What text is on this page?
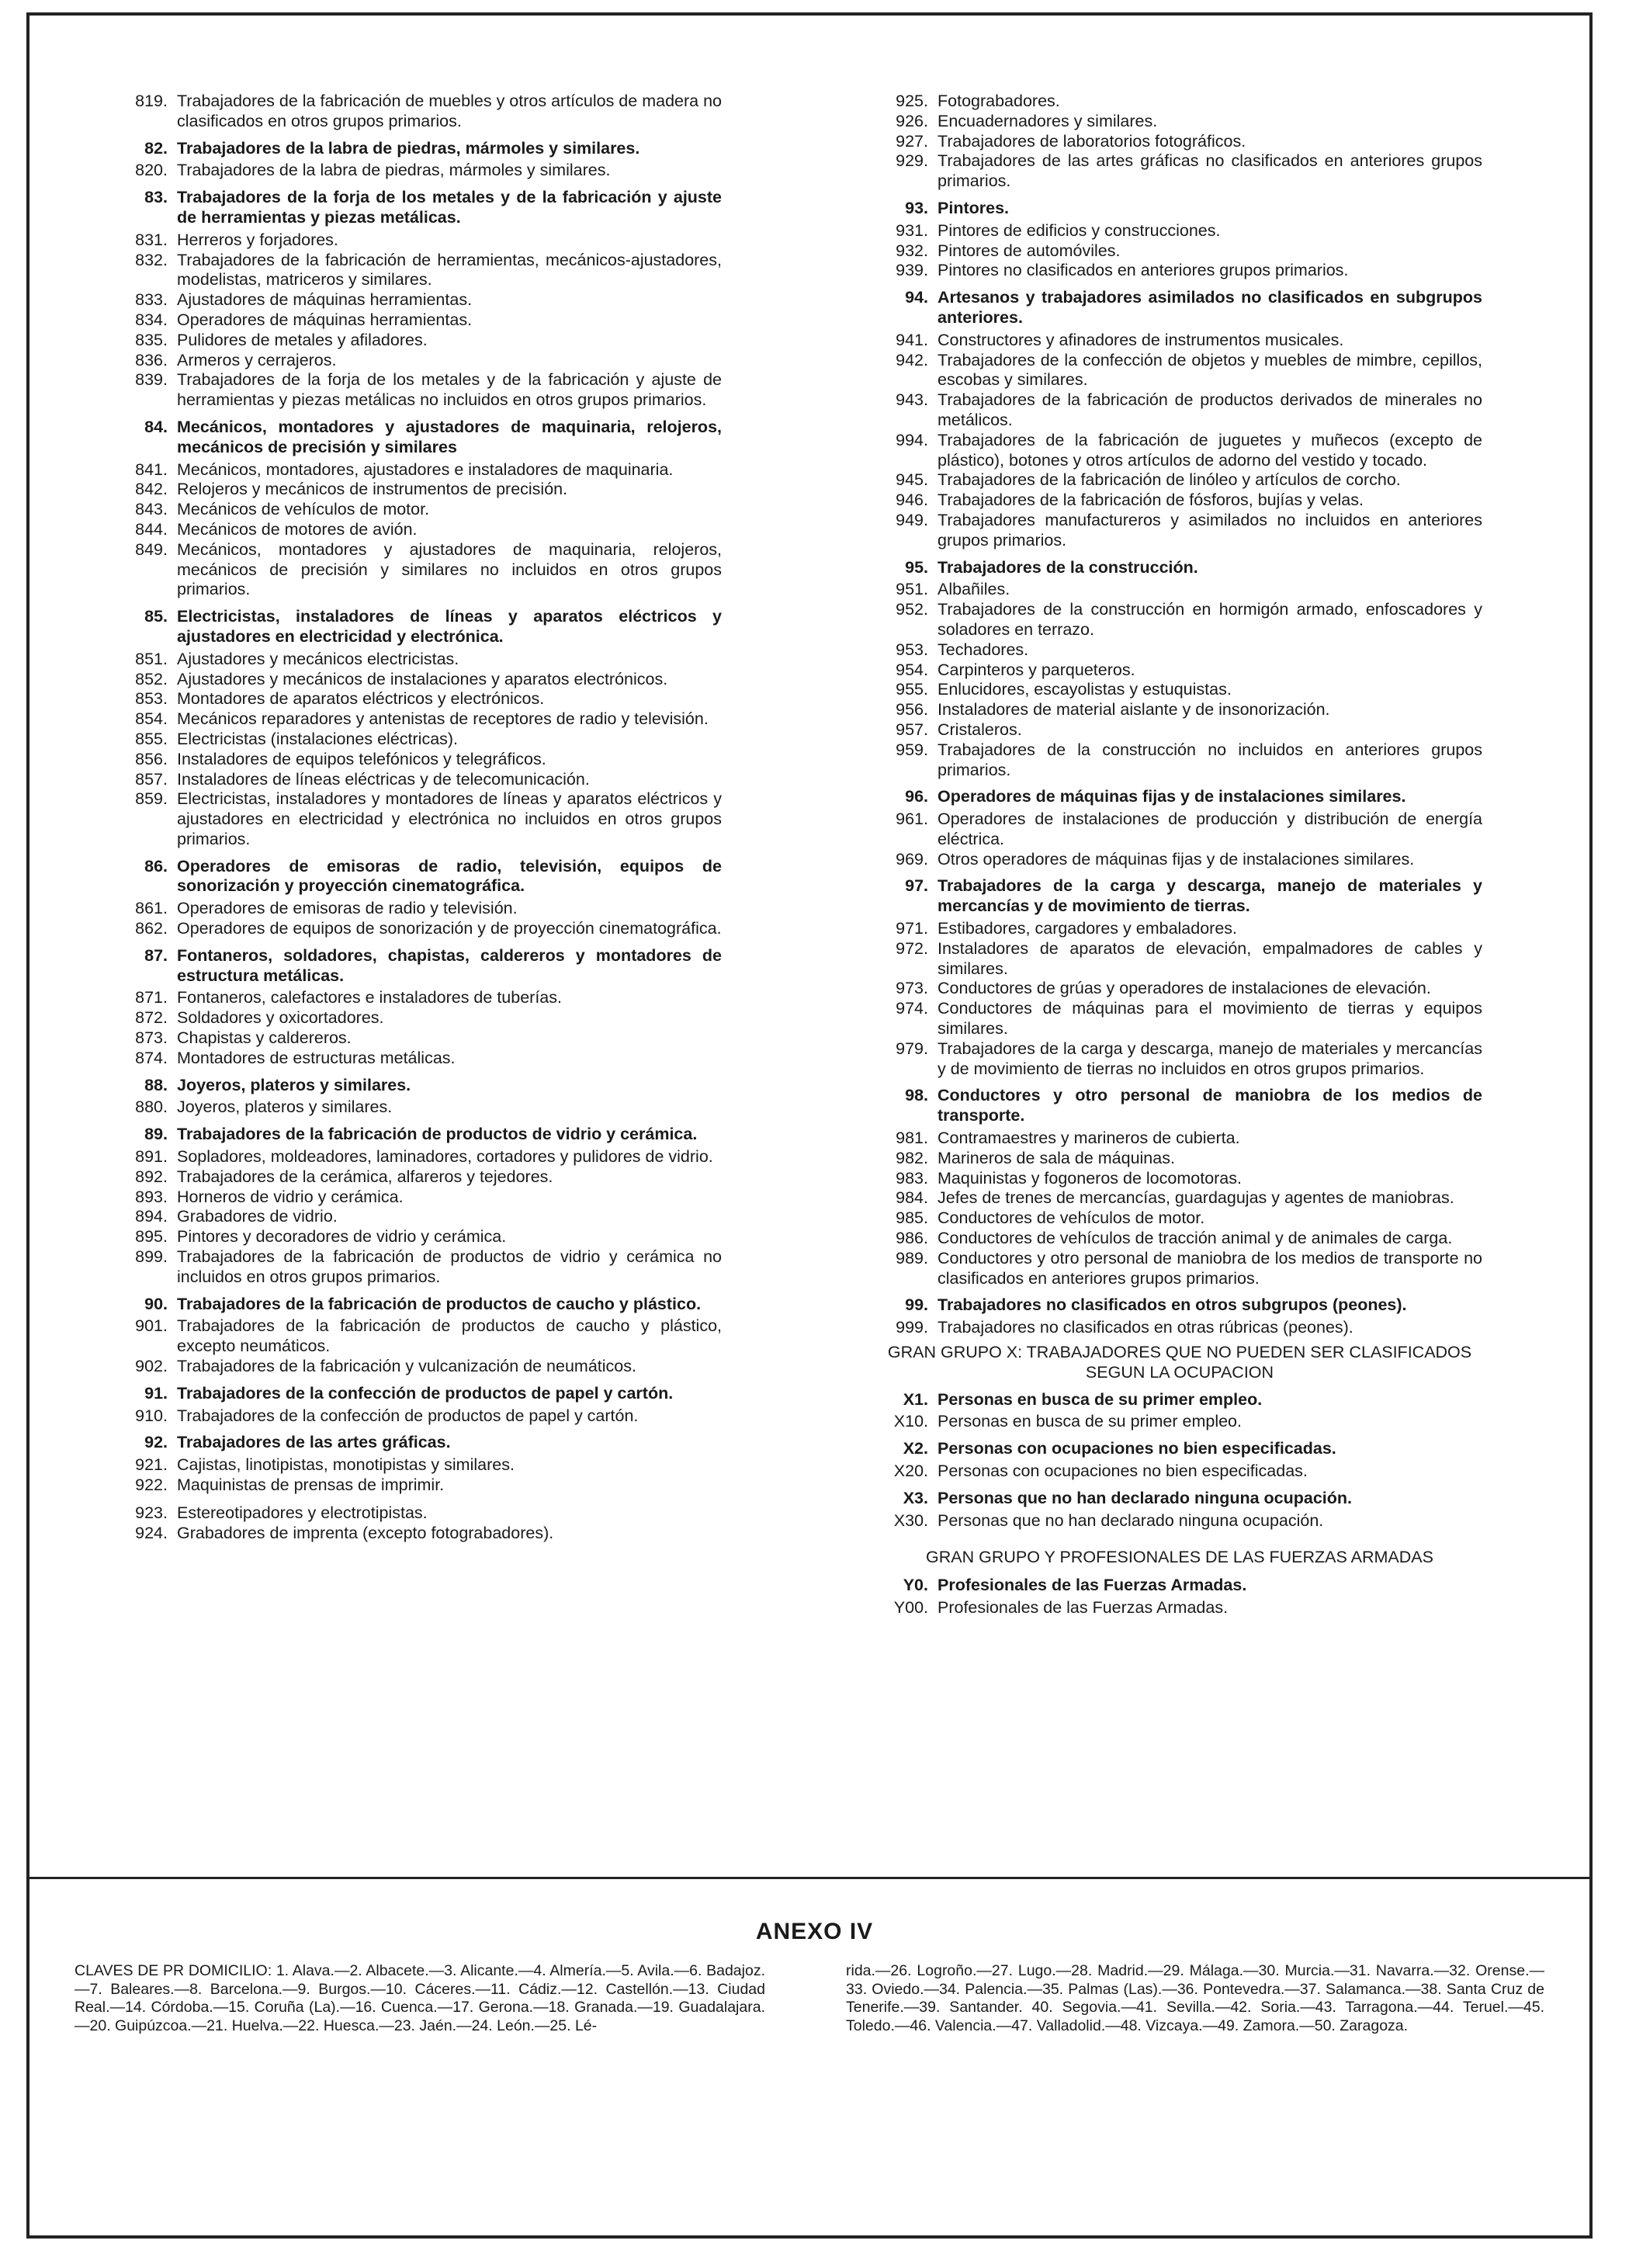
819. Trabajadores de la fabricación de muebles y otros artículos de madera no clasificados en otros grupos primarios.
82. Trabajadores de la labra de piedras, mármoles y similares.
820. Trabajadores de la labra de piedras, mármoles y similares.
83. Trabajadores de la forja de los metales y de la fabricación y ajuste de herramientas y piezas metálicas.
831. Herreros y forjadores.
832. Trabajadores de la fabricación de herramientas, mecánicos-ajustadores, modelistas, matriceros y similares.
833. Ajustadores de máquinas herramientas.
834. Operadores de máquinas herramientas.
835. Pulidores de metales y afiladores.
836. Armeros y cerrajeros.
839. Trabajadores de la forja de los metales y de la fabricación y ajuste de herramientas y piezas metálicas no incluidos en otros grupos primarios.
84. Mecánicos, montadores y ajustadores de maquinaria, relojeros, mecánicos de precisión y similares
841. Mecánicos, montadores, ajustadores e instaladores de maquinaria.
842. Relojeros y mecánicos de instrumentos de precisión.
843. Mecánicos de vehículos de motor.
844. Mecánicos de motores de avión.
849. Mecánicos, montadores y ajustadores de maquinaria, relojeros, mecánicos de precisión y similares no incluidos en otros grupos primarios.
85. Electricistas, instaladores de líneas y aparatos eléctricos y ajustadores en electricidad y electrónica.
851. Ajustadores y mecánicos electricistas.
852. Ajustadores y mecánicos de instalaciones y aparatos electrónicos.
853. Montadores de aparatos eléctricos y electrónicos.
854. Mecánicos reparadores y antenistas de receptores de radio y televisión.
855. Electricistas (instalaciones eléctricas).
856. Instaladores de equipos telefónicos y telegráficos.
857. Instaladores de líneas eléctricas y de telecomunicación.
859. Electricistas, instaladores y montadores de líneas y aparatos eléctricos y ajustadores en electricidad y electrónica no incluidos en otros grupos primarios.
86. Operadores de emisoras de radio, televisión, equipos de sonorización y proyección cinematográfica.
861. Operadores de emisoras de radio y televisión.
862. Operadores de equipos de sonorización y de proyección cinematográfica.
87. Fontaneros, soldadores, chapistas, caldereros y montadores de estructura metálicas.
871. Fontaneros, calefactores e instaladores de tuberías.
872. Soldadores y oxicortadores.
873. Chapistas y caldereros.
874. Montadores de estructuras metálicas.
88. Joyeros, plateros y similares.
880. Joyeros, plateros y similares.
89. Trabajadores de la fabricación de productos de vidrio y cerámica.
891. Sopladores, moldeadores, laminadores, cortadores y pulidores de vidrio.
892. Trabajadores de la cerámica, alfareros y tejedores.
893. Horneros de vidrio y cerámica.
894. Grabadores de vidrio.
895. Pintores y decoradores de vidrio y cerámica.
899. Trabajadores de la fabricación de productos de vidrio y cerámica no incluidos en otros grupos primarios.
90. Trabajadores de la fabricación de productos de caucho y plástico.
901. Trabajadores de la fabricación de productos de caucho y plástico, excepto neumáticos.
902. Trabajadores de la fabricación y vulcanización de neumáticos.
91. Trabajadores de la confección de productos de papel y cartón.
910. Trabajadores de la confección de productos de papel y cartón.
92. Trabajadores de las artes gráficas.
921. Cajistas, linotipistas, monotipistas y similares.
922. Maquinistas de prensas de imprimir.
923. Estereotipadores y electrotipistas.
924. Grabadores de imprenta (excepto fotograbadores).
925. Fotograbadores.
926. Encuadernadores y similares.
927. Trabajadores de laboratorios fotográficos.
929. Trabajadores de las artes gráficas no clasificados en anteriores grupos primarios.
93. Pintores.
931. Pintores de edificios y construcciones.
932. Pintores de automóviles.
939. Pintores no clasificados en anteriores grupos primarios.
94. Artesanos y trabajadores asimilados no clasificados en subgrupos anteriores.
941. Constructores y afinadores de instrumentos musicales.
942. Trabajadores de la confección de objetos y muebles de mimbre, cepillos, escobas y similares.
943. Trabajadores de la fabricación de productos derivados de minerales no metálicos.
994. Trabajadores de la fabricación de juguetes y muñecos (excepto de plástico), botones y otros artículos de adorno del vestido y tocado.
945. Trabajadores de la fabricación de linóleo y artículos de corcho.
946. Trabajadores de la fabricación de fósforos, bujías y velas.
949. Trabajadores manufactureros y asimilados no incluidos en anteriores grupos primarios.
95. Trabajadores de la construcción.
951. Albañiles.
952. Trabajadores de la construcción en hormigón armado, enfoscadores y soladores en terrazo.
953. Techadores.
954. Carpinteros y parqueteros.
955. Enlucidores, escayolistas y estuquistas.
956. Instaladores de material aislante y de insonorización.
957. Cristaleros.
959. Trabajadores de la construcción no incluidos en anteriores grupos primarios.
96. Operadores de máquinas fijas y de instalaciones similares.
961. Operadores de instalaciones de producción y distribución de energía eléctrica.
969. Otros operadores de máquinas fijas y de instalaciones similares.
97. Trabajadores de la carga y descarga, manejo de materiales y mercancías y de movimiento de tierras.
971. Estibadores, cargadores y embaladores.
972. Instaladores de aparatos de elevación, empalmadores de cables y similares.
973. Conductores de grúas y operadores de instalaciones de elevación.
974. Conductores de máquinas para el movimiento de tierras y equipos similares.
979. Trabajadores de la carga y descarga, manejo de materiales y mercancías y de movimiento de tierras no incluidos en otros grupos primarios.
98. Conductores y otro personal de maniobra de los medios de transporte.
981. Contramaestres y marineros de cubierta.
982. Marineros de sala de máquinas.
983. Maquinistas y fogoneros de locomotoras.
984. Jefes de trenes de mercancías, guardagujas y agentes de maniobras.
985. Conductores de vehículos de motor.
986. Conductores de vehículos de tracción animal y de animales de carga.
989. Conductores y otro personal de maniobra de los medios de transporte no clasificados en anteriores grupos primarios.
99. Trabajadores no clasificados en otros subgrupos (peones).
999. Trabajadores no clasificados en otras rúbricas (peones).
GRAN GRUPO X: TRABAJADORES QUE NO PUEDEN SER CLASIFICADOS SEGUN LA OCUPACION
X1. Personas en busca de su primer empleo.
X10. Personas en busca de su primer empleo.
X2. Personas con ocupaciones no bien especificadas.
X20. Personas con ocupaciones no bien especificadas.
X3. Personas que no han declarado ninguna ocupación.
X30. Personas que no han declarado ninguna ocupación.
GRAN GRUPO Y PROFESIONALES DE LAS FUERZAS ARMADAS
Y0. Profesionales de las Fuerzas Armadas.
Y00. Profesionales de las Fuerzas Armadas.
ANEXO IV
CLAVES DE PR DOMICILIO: 1. Alava.—2. Albacete.—3. Alicante.—4. Almería.—5. Avila.—6. Badajoz.—7. Baleares.—8. Barcelona.—9. Burgos.—10. Cáceres.—11. Cádiz.—12. Castellón.—13. Ciudad Real.—14. Córdoba.—15. Coruña (La).—16. Cuenca.—17. Gerona.—18. Granada.—19. Guadalajara.—20. Guipúzcoa.—21. Huelva.—22. Huesca.—23. Jaén.—24. León.—25. Lé-
rida.—26. Logroño.—27. Lugo.—28. Madrid.—29. Málaga.—30. Murcia.—31. Navarra.—32. Orense.—33. Oviedo.—34. Palencia.—35. Palmas (Las).—36. Pontevedra.—37. Salamanca.—38. Santa Cruz de Tenerife.—39. Santander. 40. Segovia.—41. Sevilla.—42. Soria.—43. Tarragona.—44. Teruel.—45. Toledo.—46. Valencia.—47. Valladolid.—48. Vizcaya.—49. Zamora.—50. Zaragoza.
